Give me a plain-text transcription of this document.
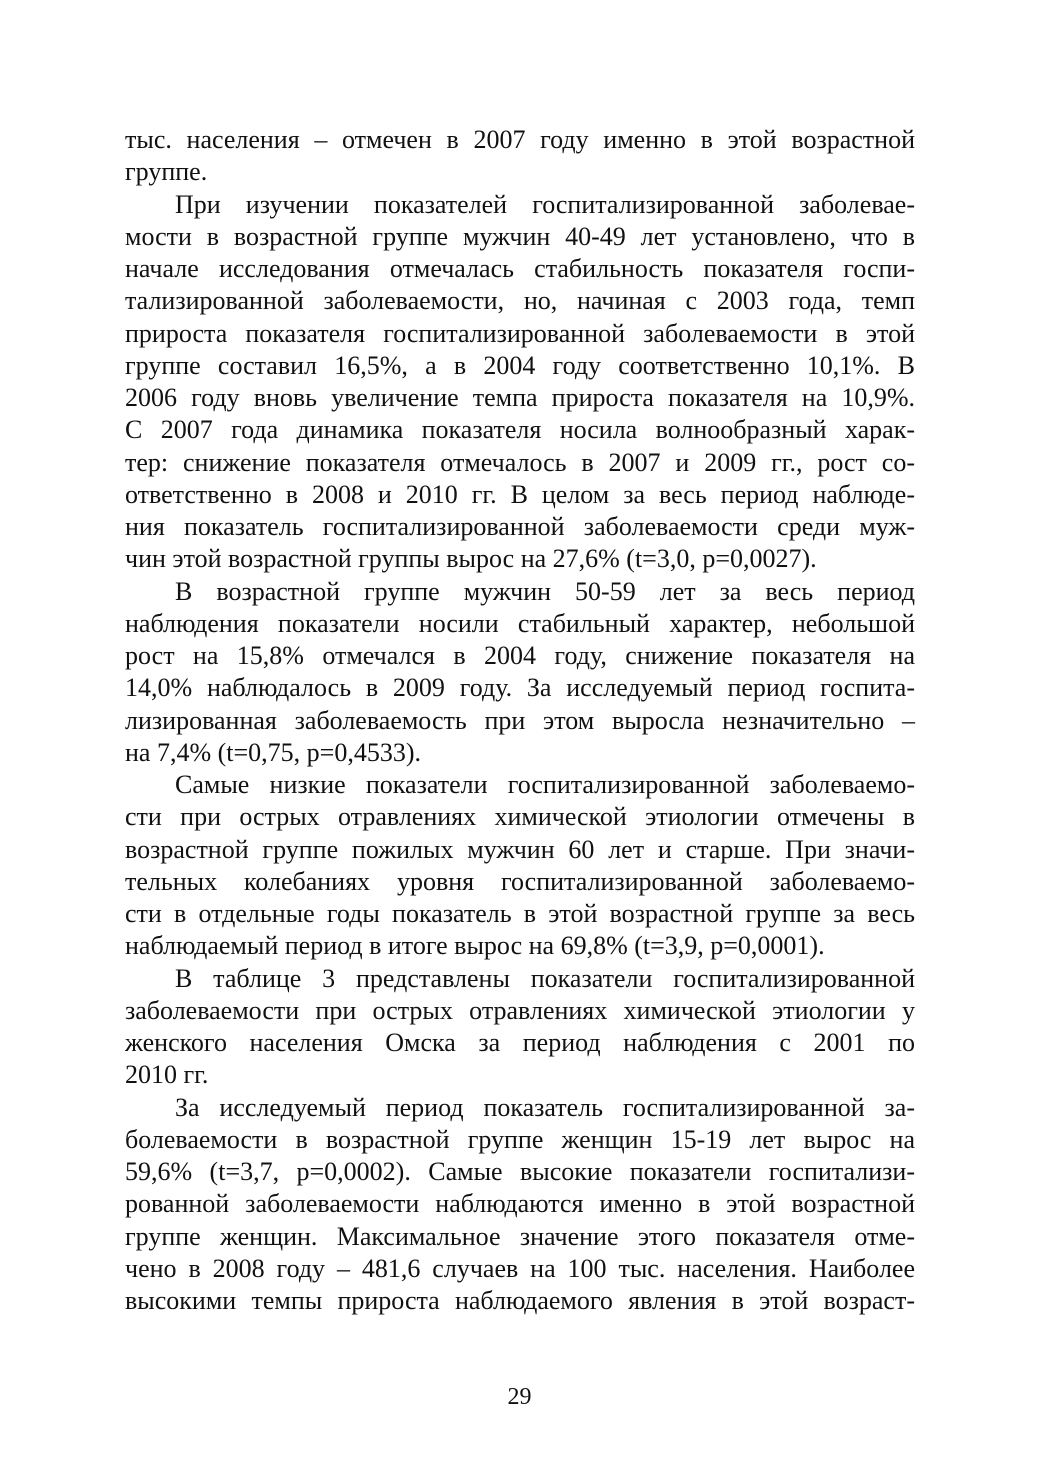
тыс. населения – отмечен в 2007 году именно в этой возрастной
группе.
При изучении показателей госпитализированной заболевае-
мости в возрастной группе мужчин 40-49 лет установлено, что в
начале исследования отмечалась стабильность показателя госпи-
тализированной заболеваемости, но, начиная с 2003 года, темп
прироста показателя госпитализированной заболеваемости в этой
группе составил 16,5%, а в 2004 году соответственно 10,1%. В
2006 году вновь увеличение темпа прироста показателя на 10,9%.
С 2007 года динамика показателя носила волнообразный харак-
тер: снижение показателя отмечалось в 2007 и 2009 гг., рост со-
ответственно в 2008 и 2010 гг. В целом за весь период наблюде-
ния показатель госпитализированной заболеваемости среди муж-
чин этой возрастной группы вырос на 27,6% (t=3,0, p=0,0027).
В возрастной группе мужчин 50-59 лет за весь период
наблюдения показатели носили стабильный характер, небольшой
рост на 15,8% отмечался в 2004 году, снижение показателя на
14,0% наблюдалось в 2009 году. За исследуемый период госпита-
лизированная заболеваемость при этом выросла незначительно –
на 7,4% (t=0,75, p=0,4533).
Самые низкие показатели госпитализированной заболеваемо-
сти при острых отравлениях химической этиологии отмечены в
возрастной группе пожилых мужчин 60 лет и старше. При значи-
тельных колебаниях уровня госпитализированной заболеваемо-
сти в отдельные годы показатель в этой возрастной группе за весь
наблюдаемый период в итоге вырос на 69,8% (t=3,9, p=0,0001).
В таблице 3 представлены показатели госпитализированной
заболеваемости при острых отравлениях химической этиологии у
женского населения Омска за период наблюдения с 2001 по
2010 гг.
За исследуемый период показатель госпитализированной за-
болеваемости в возрастной группе женщин 15-19 лет вырос на
59,6% (t=3,7, p=0,0002). Самые высокие показатели госпитализи-
рованной заболеваемости наблюдаются именно в этой возрастной
группе женщин. Максимальное значение этого показателя отме-
чено в 2008 году – 481,6 случаев на 100 тыс. населения. Наиболее
высокими темпы прироста наблюдаемого явления в этой возраст-
29
